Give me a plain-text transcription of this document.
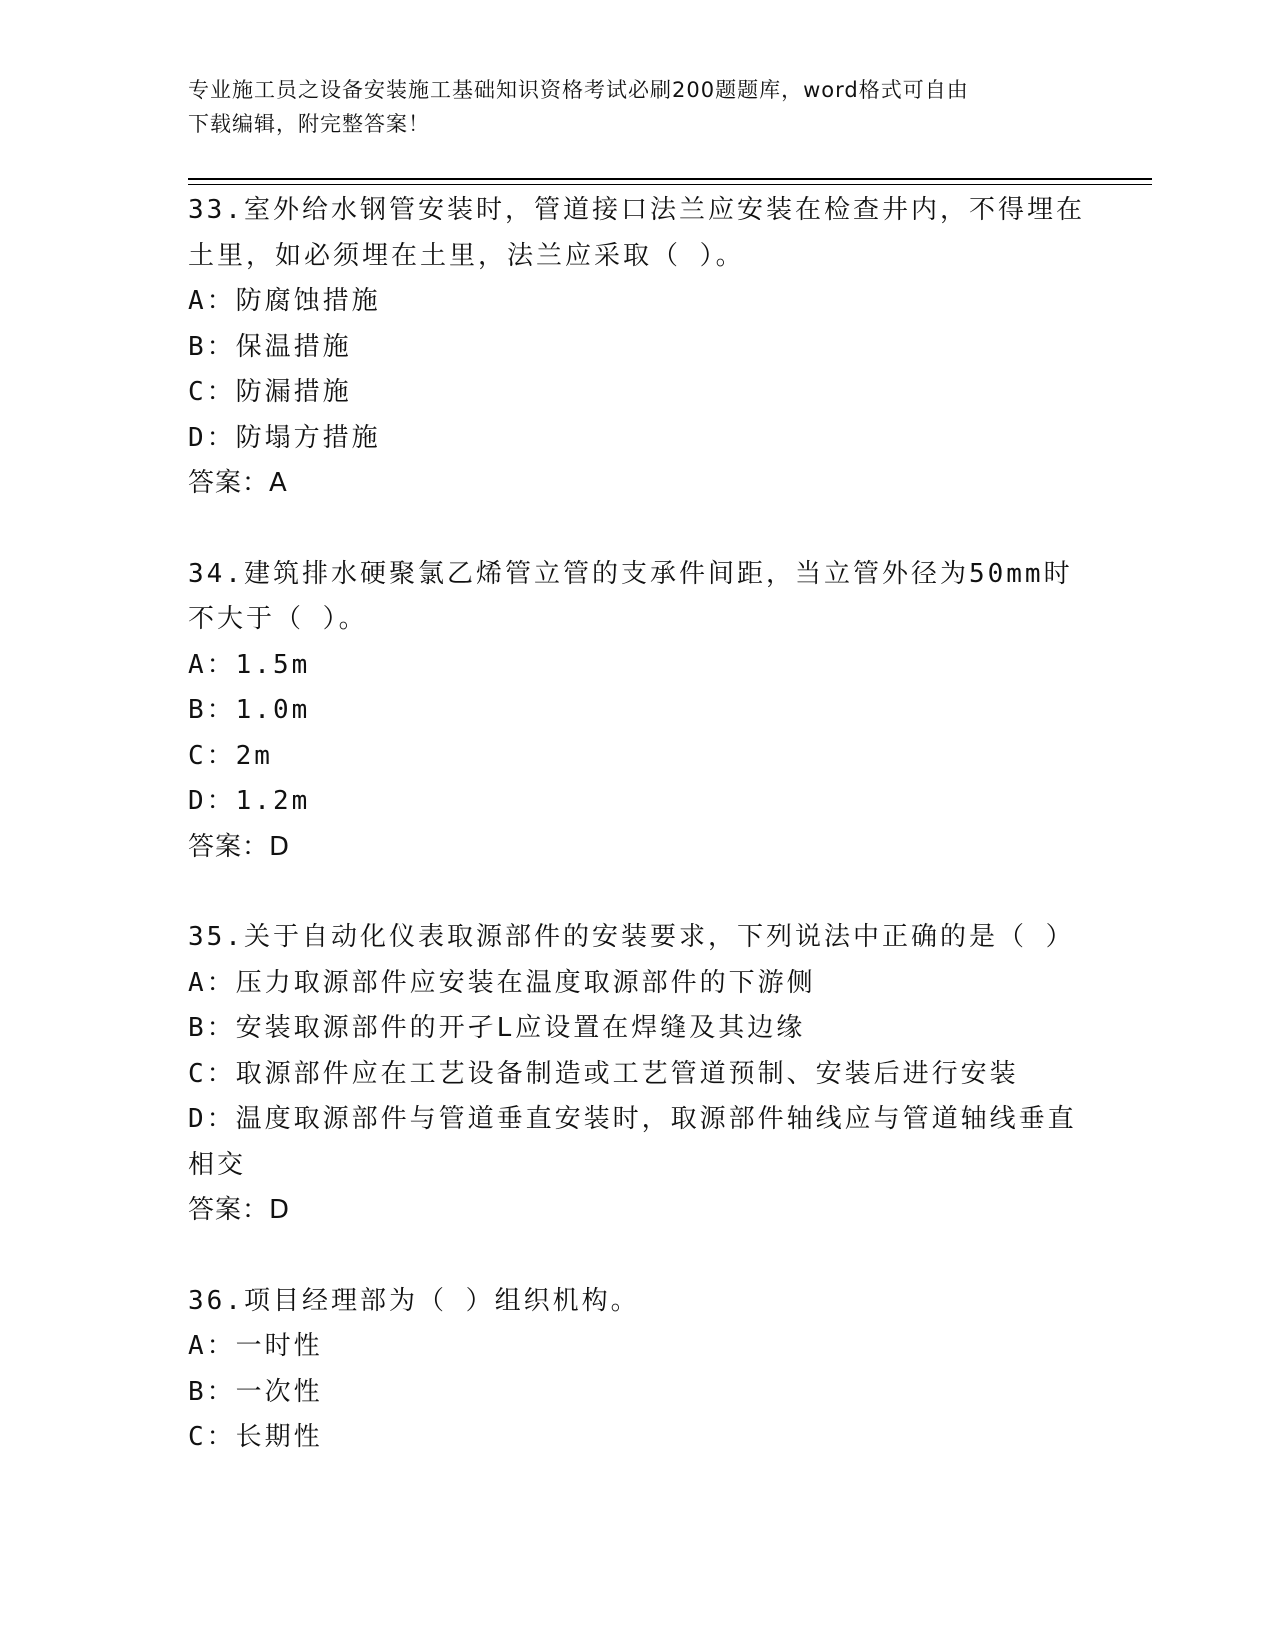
专业施工员之设备安装施工基础知识资格考试必刷200题题库，word格式可自由
下载编辑，附完整答案！
33.室外给水钢管安装时，管道接口法兰应安装在检查井内，不得埋在
土里，如必须埋在土里，法兰应采取（ ）。
A：防腐蚀措施
B：保温措施
C：防漏措施
D：防塌方措施
答案：A
34.建筑排水硬聚氯乙烯管立管的支承件间距，当立管外径为50mm时
不大于（ ）。
A：1.5m
B：1.0m
C：2m
D：1.2m
答案：D
35.关于自动化仪表取源部件的安装要求，下列说法中正确的是（ ）
A：压力取源部件应安装在温度取源部件的下游侧
B：安装取源部件的开孑L应设置在焊缝及其边缘
C：取源部件应在工艺设备制造或工艺管道预制、安装后进行安装
D：温度取源部件与管道垂直安装时，取源部件轴线应与管道轴线垂直
相交
答案：D
36.项目经理部为（ ）组织机构。
A：一时性
B：一次性
C：长期性
